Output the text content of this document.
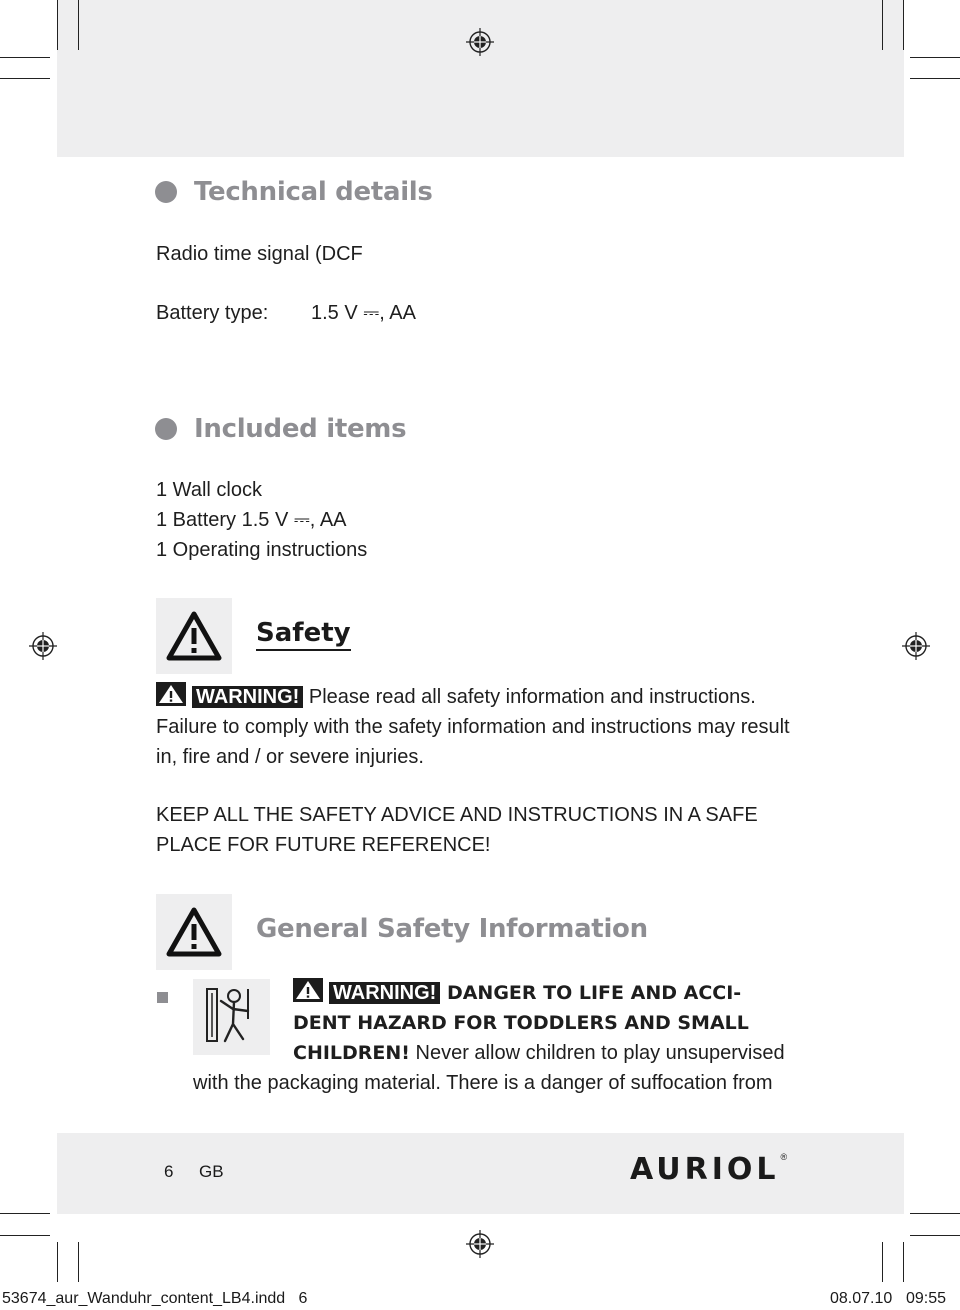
Technical details
Radio time signal (DCF
Battery type: 1.5 V ⎓, AA
Included items
1 Wall clock
1 Battery 1.5 V ⎓, AA
1 Operating instructions
Safety
WARNING! Please read all safety information and instructions.
Failure to comply with the safety information and instructions may result
in, fire and / or severe injuries.
KEEP ALL THE SAFETY ADVICE AND INSTRUCTIONS IN A SAFE
PLACE FOR FUTURE REFERENCE!
General Safety Information
WARNING! DANGER TO LIFE AND ACCI-
DENT HAZARD FOR TODDLERS AND SMALL
CHILDREN! Never allow children to play unsupervised
with the packaging material. There is a danger of suffocation from
6 GB	AURIOL ®
53674_aur_Wanduhr_content_LB4.indd   6	08.07.10 09:55
